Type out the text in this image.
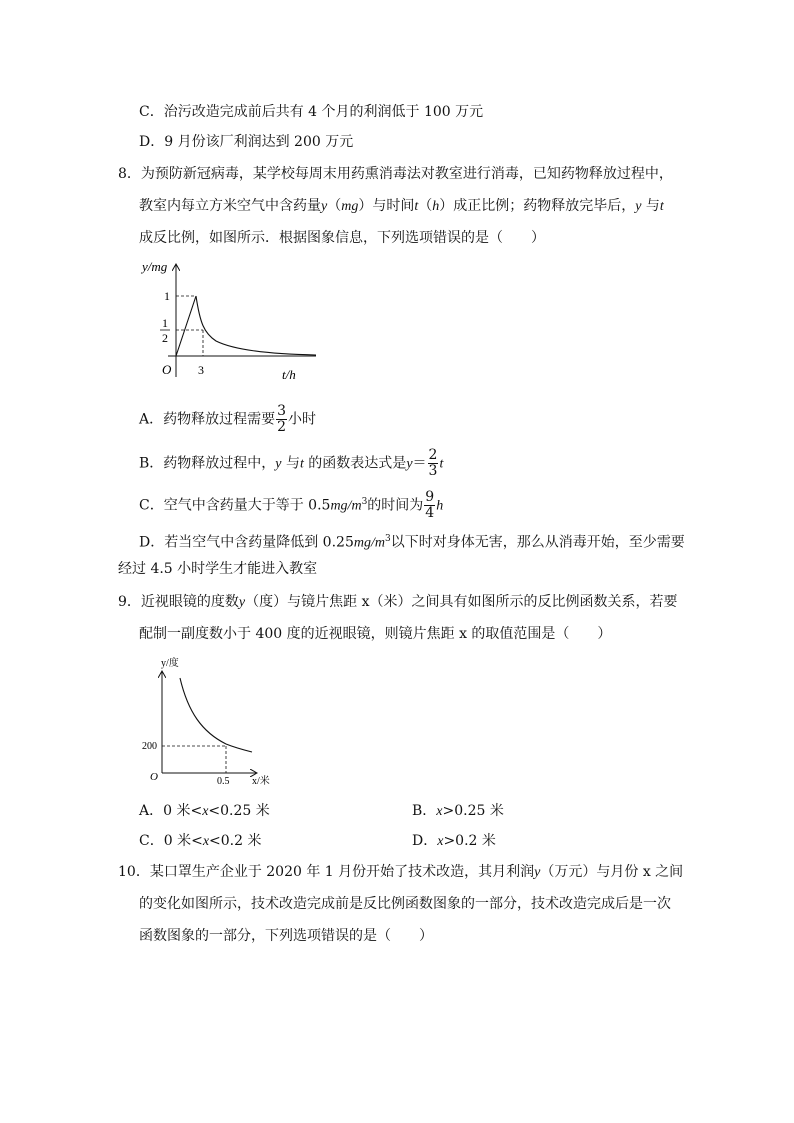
C．治污改造完成前后共有 4 个月的利润低于 100 万元
D．9 月份该厂利润达到 200 万元
8．为预防新冠病毒，某学校每周末用药熏消毒法对教室进行消毒，已知药物释放过程中，
教室内每立方米空气中含药量y（mg）与时间t（h）成正比例；药物释放完毕后，y 与t
成反比例，如图所示．根据图象信息，下列选项错误的是（　　）
y/mg
t/h
O
1
1
2
3
A．药物释放过程需要 $\frac{3}{2}$ 小时
B．药物释放过程中，y 与t 的函数表达式是$y= \frac{2}{3}$ t
C．空气中含药量大于等于 $0.5mg/m^3$的时间为 $\frac{9}{4}$ h
D．若当空气中含药量降低到 $0.25mg/m^3$以下时对身体无害，那么从消毒开始，至少需要
经过 4.5 小时学生才能进入教室
9．近视眼镜的度数y（度）与镜片焦距 x（米）之间具有如图所示的反比例函数关系，若要
配制一副度数小于 400 度的近视眼镜，则镜片焦距 x 的取值范围是（　　）
y/度
x/米
O
200
0.5
A．0 米<x<0.25 米	B．x>0.25 米
C．0 米<x<0.2 米	D．x>0.2 米
10．某口罩生产企业于 2020 年 1 月份开始了技术改造，其月利润y（万元）与月份 x 之间
的变化如图所示，技术改造完成前是反比例函数图象的一部分，技术改造完成后是一次
函数图象的一部分，下列选项错误的是（　　）
